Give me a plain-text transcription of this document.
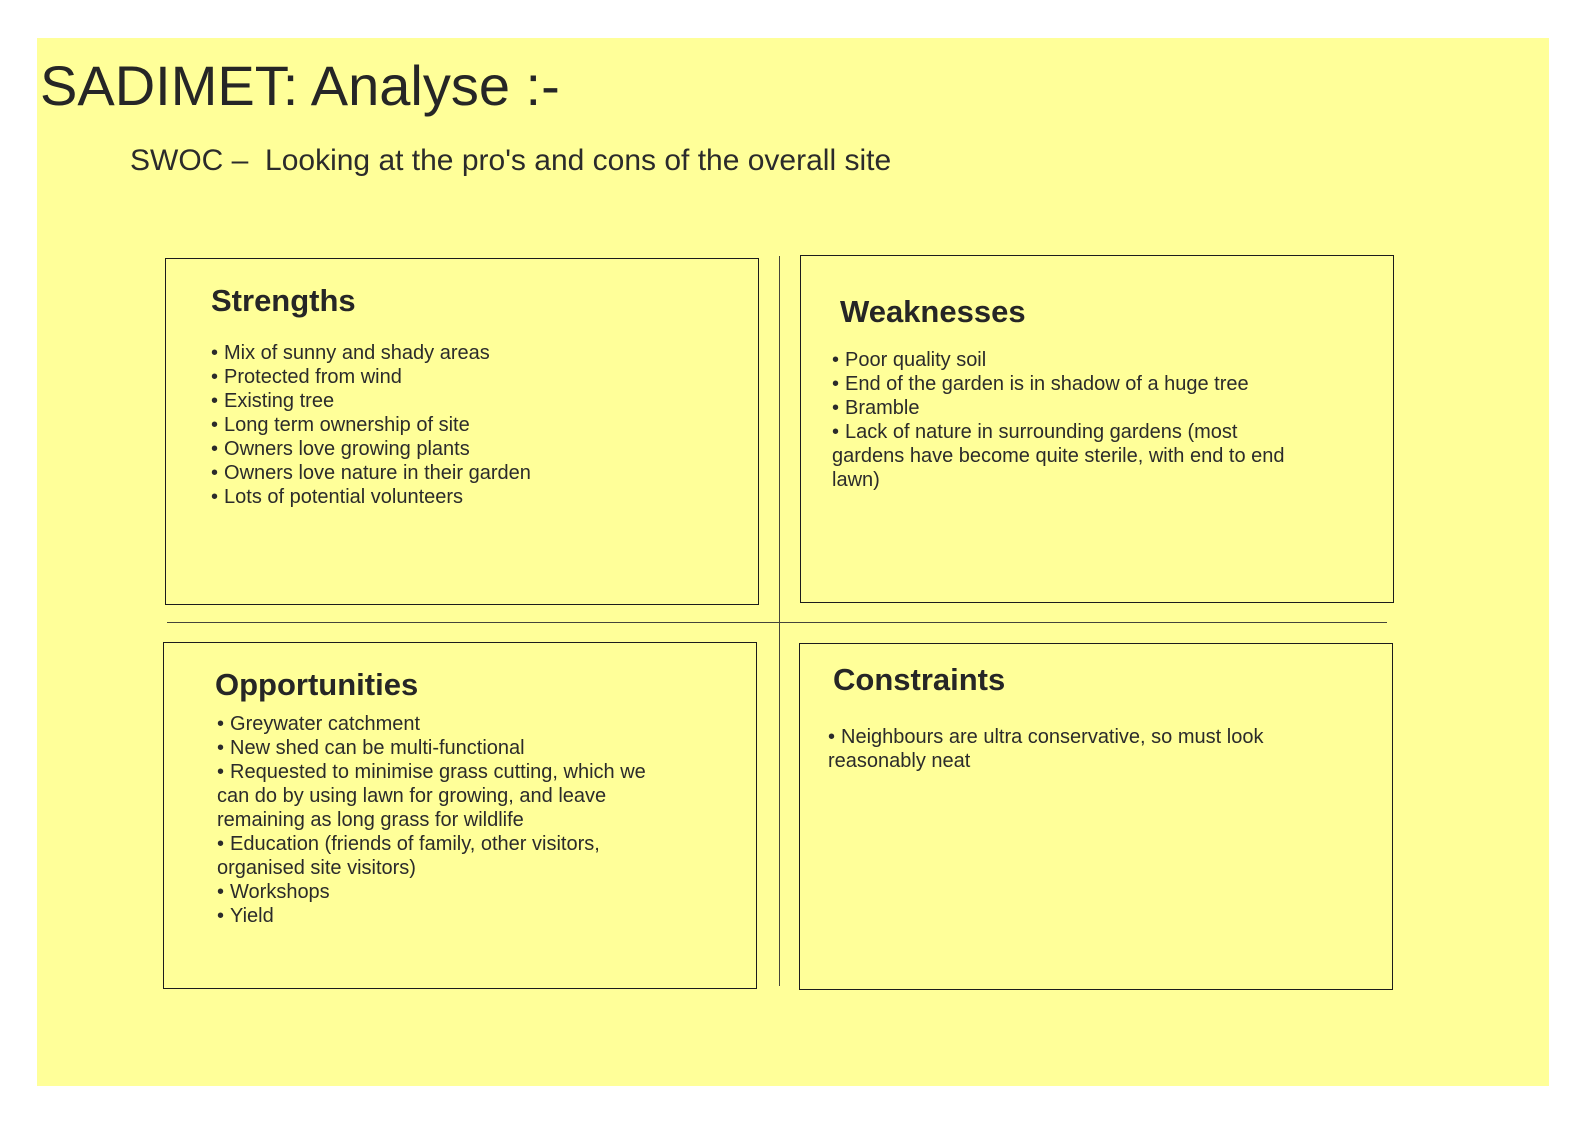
SADIMET: Analyse :-
SWOC –  Looking at the pro's and cons of the overall site
Strengths
• Mix of sunny and shady areas
• Protected from wind
• Existing tree
• Long term ownership of site
• Owners love growing plants
• Owners love nature in their garden
• Lots of potential volunteers
Weaknesses
• Poor quality soil
• End of the garden is in shadow of a huge tree
• Bramble
• Lack of nature in surrounding gardens (most gardens have become quite sterile, with end to end lawn)
Opportunities
• Greywater catchment
• New shed can be multi-functional
• Requested to minimise grass cutting, which we can do by using lawn for growing, and leave remaining as long grass for wildlife
• Education (friends of family, other visitors, organised site visitors)
• Workshops
• Yield
Constraints
• Neighbours are ultra conservative, so must look reasonably neat
